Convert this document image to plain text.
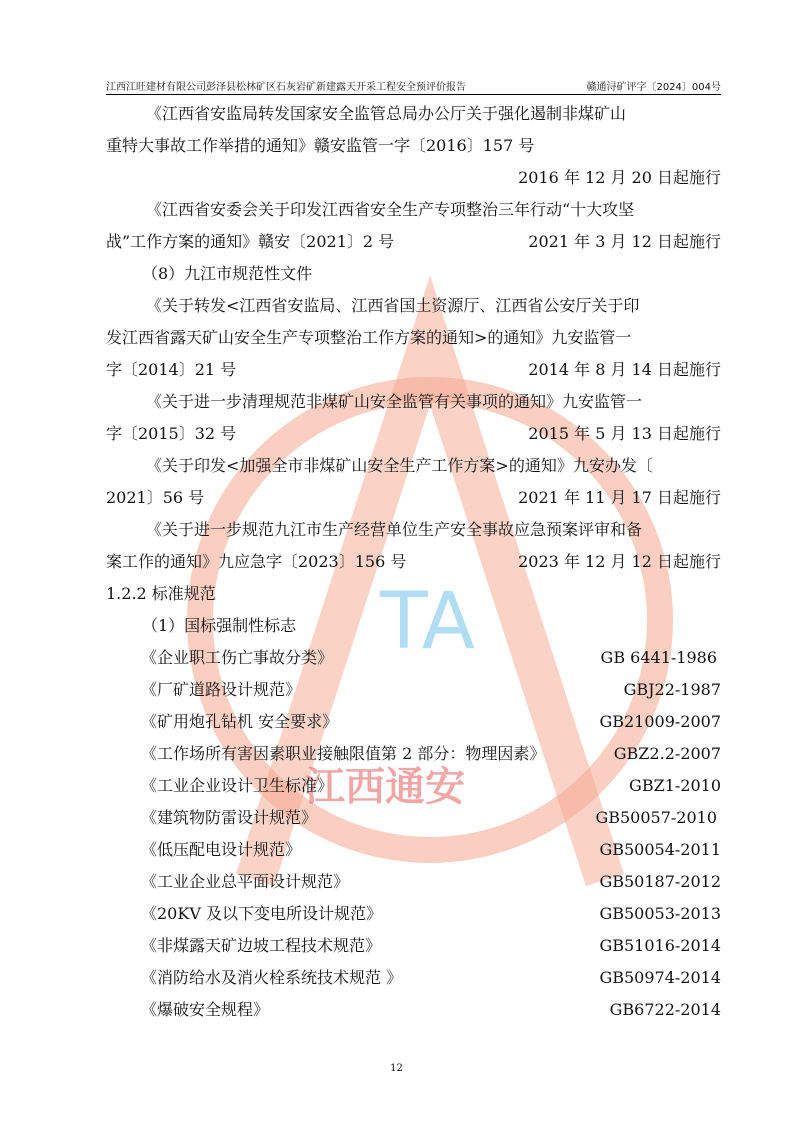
TA
江西通安
江西江旺建材有限公司彭泽县松林矿区石灰岩矿新建露天开采工程安全预评价报告	赣通浔矿评字〔2024〕004号
《江西省安监局转发国家安全监管总局办公厅关于强化遏制非煤矿山
重特大事故工作举措的通知》赣安监管一字〔2016〕157 号
2016 年 12 月 20 日起施行
《江西省安委会关于印发江西省安全生产专项整治三年行动“十大攻坚
战”工作方案的通知》赣安〔2021〕2 号	2021 年 3 月 12 日起施行
（8）九江市规范性文件
《关于转发<江西省安监局、江西省国土资源厅、江西省公安厅关于印
发江西省露天矿山安全生产专项整治工作方案的通知>的通知》九安监管一
字〔2014〕21 号	2014 年 8 月 14 日起施行
《关于进一步清理规范非煤矿山安全监管有关事项的通知》九安监管一
字〔2015〕32 号	2015 年 5 月 13 日起施行
《关于印发<加强全市非煤矿山安全生产工作方案>的通知》九安办发〔
2021〕56 号	2021 年 11 月 17 日起施行
《关于进一步规范九江市生产经营单位生产安全事故应急预案评审和备
案工作的通知》九应急字〔2023〕156 号	2023 年 12 月 12 日起施行
1.2.2 标准规范
（1）国标强制性标志
《企业职工伤亡事故分类》	GB 6441-1986
《厂矿道路设计规范》	GBJ22-1987
《矿用炮孔钻机 安全要求》	GB21009-2007
《工作场所有害因素职业接触限值第 2 部分：物理因素》	GBZ2.2-2007
《工业企业设计卫生标准》	GBZ1-2010
《建筑物防雷设计规范》	GB50057-2010
《低压配电设计规范》	GB50054-2011
《工业企业总平面设计规范》	GB50187-2012
《20KV 及以下变电所设计规范》	GB50053-2013
《非煤露天矿边坡工程技术规范》	GB51016-2014
《消防给水及消火栓系统技术规范 》	GB50974-2014
《爆破安全规程》	GB6722-2014
12
